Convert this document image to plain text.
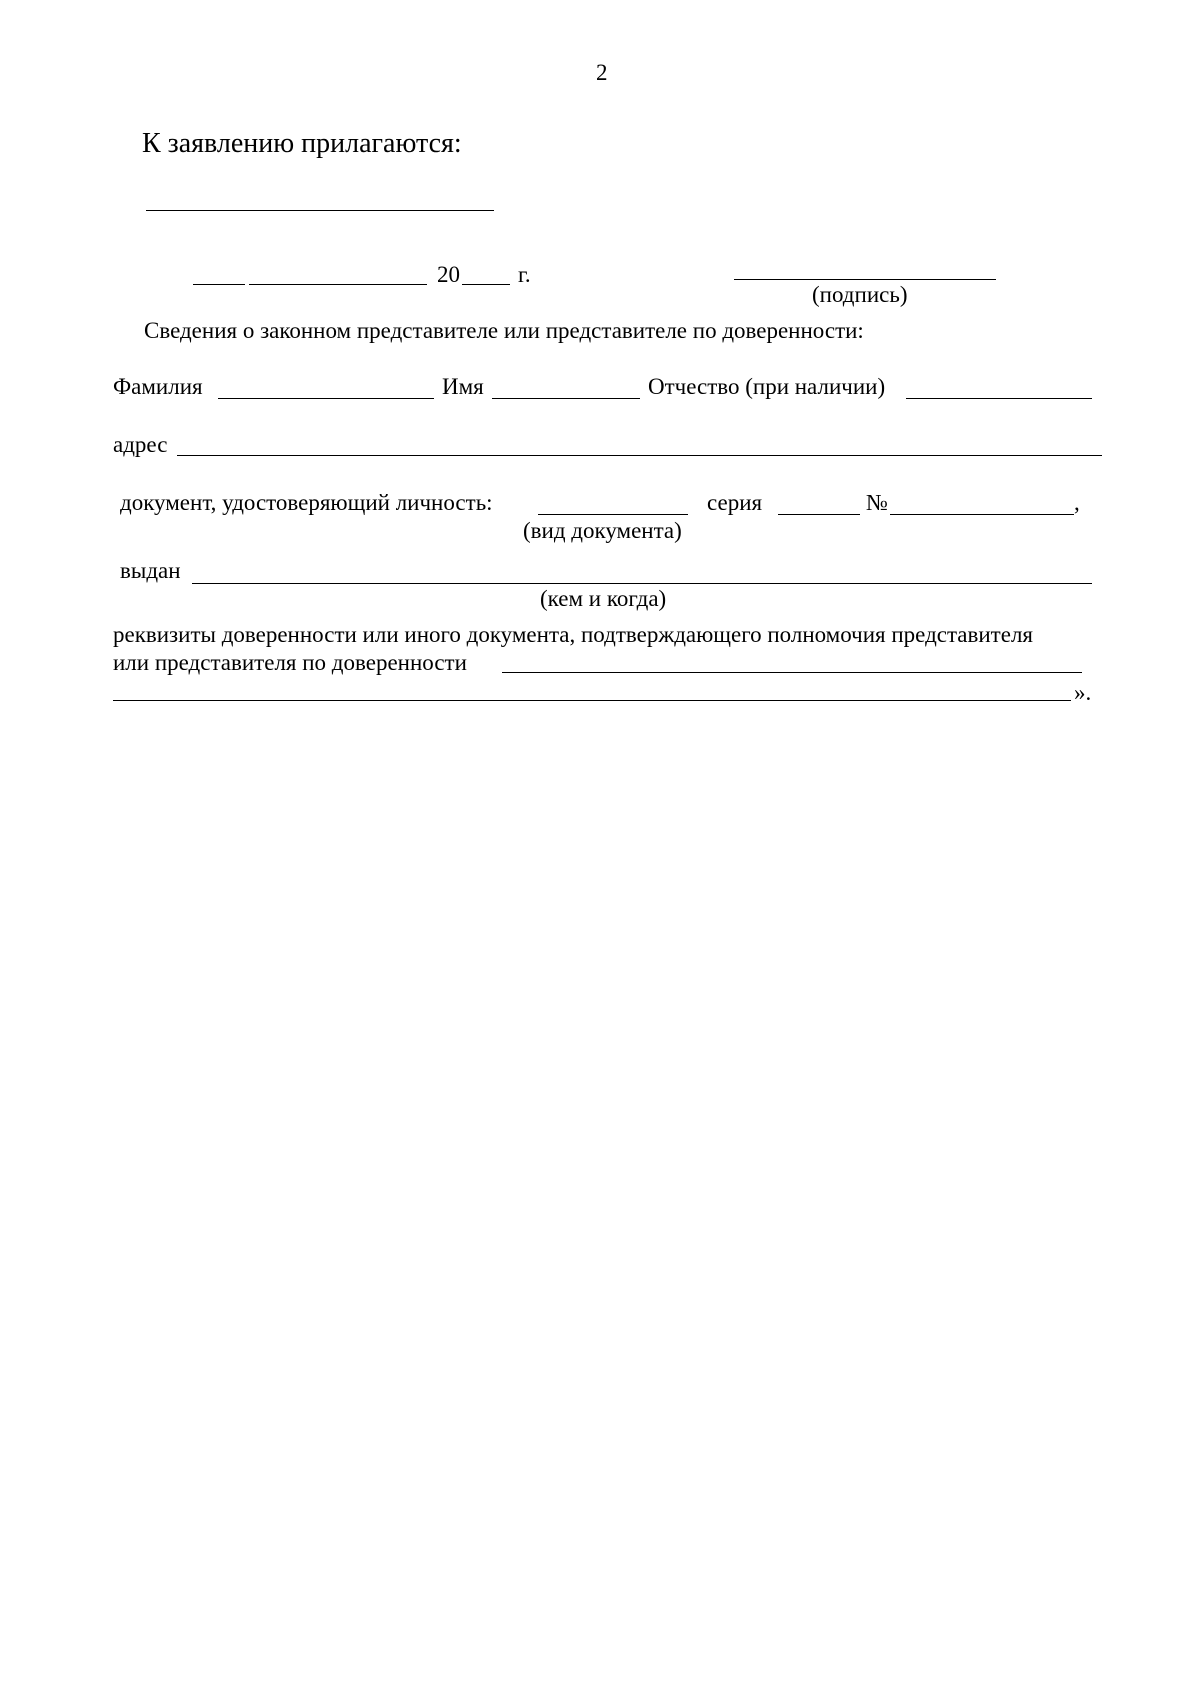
2
К заявлению прилагаются:
20	г.
(подпись)
Сведения о законном представителе или представителе по доверенности:
Фамилия	Имя	Отчество (при наличии)
адрес
документ, удостоверяющий личность:	серия	№	,
(вид документа)
выдан
(кем и когда)
реквизиты доверенности или иного документа, подтверждающего полномочия представителя
или представителя по доверенности
».
